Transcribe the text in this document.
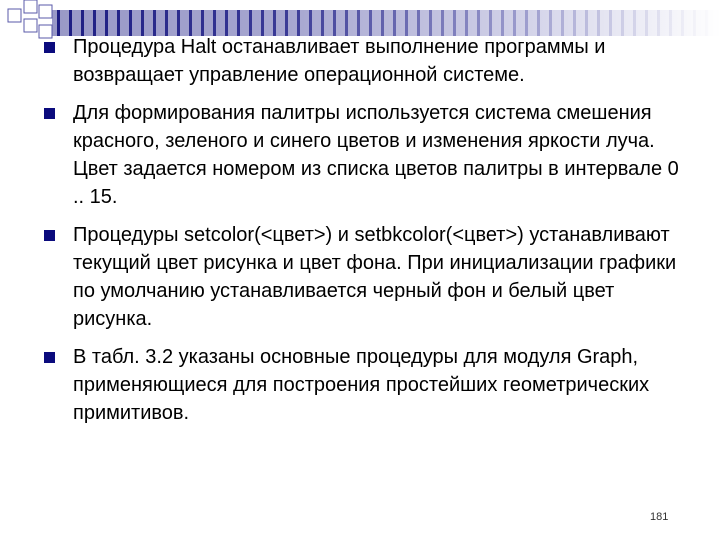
Процедура Halt останавливает выполнение программы и возвращает управление операционной системе.
Для формирования палитры используется система смешения красного, зеленого и синего цветов и изменения яркости луча. Цвет задается номером из списка цветов палитры в интервале 0 .. 15.
Процедуры setcolor(<цвет>) и setbkcolor(<цвет>) устанавливают текущий цвет рисунка и цвет фона. При инициализации графики по умолчанию устанавливается черный фон и белый цвет рисунка.
В табл. 3.2 указаны основные процедуры для модуля Graph, применяющиеся для построения простейших геометрических примитивов.
181
